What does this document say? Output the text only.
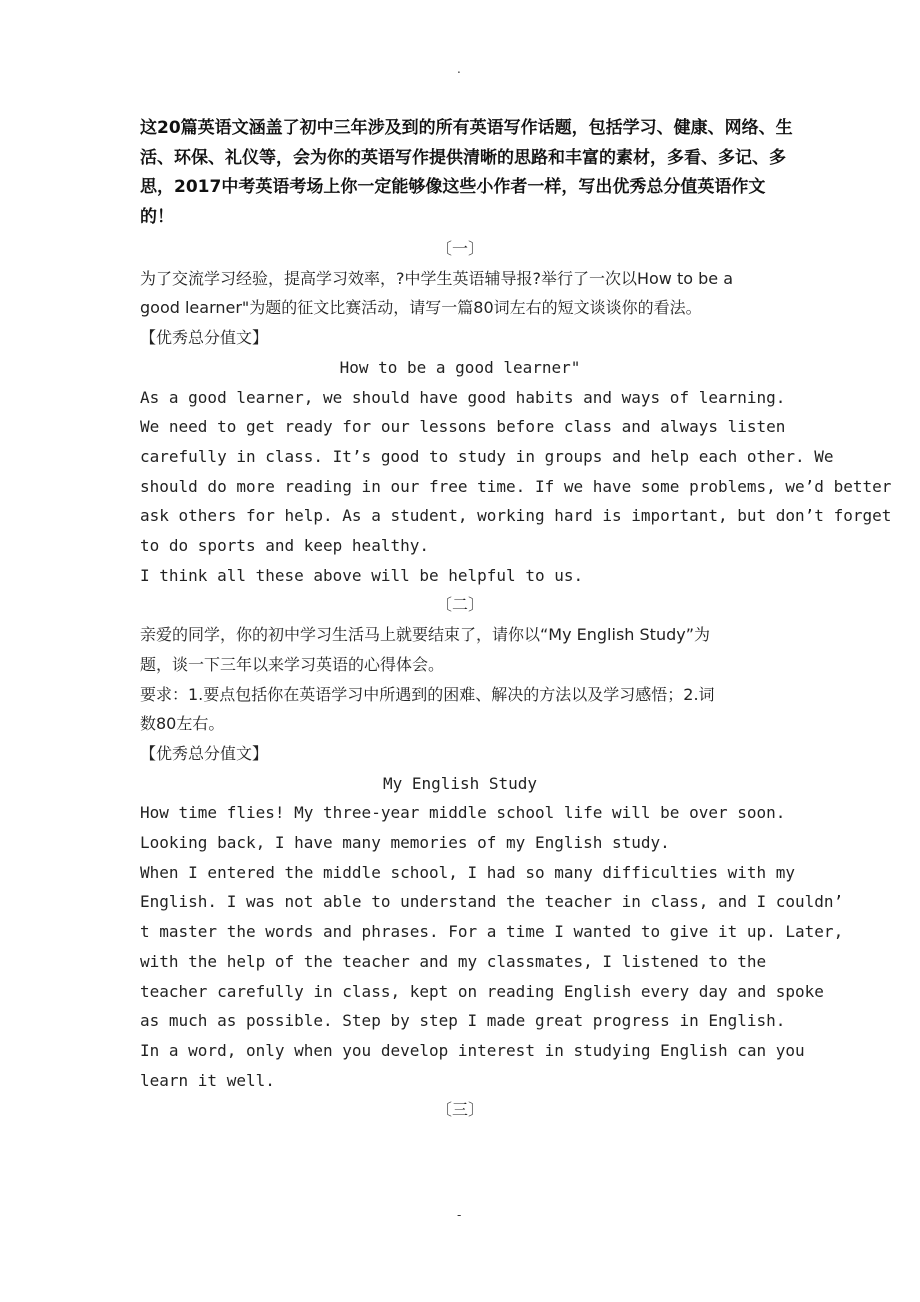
.
这20篇英语文涵盖了初中三年涉及到的所有英语写作话题，包括学习、健康、网络、生活、环保、礼仪等，会为你的英语写作提供清晰的思路和丰富的素材，多看、多记、多思，2017中考英语考场上你一定能够像这些小作者一样，写出优秀总分值英语作文的！
〔一〕
为了交流学习经验，提高学习效率，?中学生英语辅导报?举行了一次以How to be a
good learner"为题的征文比赛活动，请写一篇80词左右的短文谈谈你的看法。
【优秀总分值文】
How to be a good learner"
As a good learner, we should have good habits and ways of learning.
We need to get ready for our lessons before class and always listen
carefully in class. It’s good to study in groups and help each other. We
should do more reading in our free time. If we have some problems, we’d better
ask others for help. As a student, working hard is important, but don’t forget
to do sports and keep healthy.
I think all these above will be helpful to us.
〔二〕
亲爱的同学，你的初中学习生活马上就要结束了，请你以“My English Study”为
题，谈一下三年以来学习英语的心得体会。
要求：1.要点包括你在英语学习中所遇到的困难、解决的方法以及学习感悟；2.词
数80左右。
【优秀总分值文】
My English Study
How time flies! My three-year middle school life will be over soon.
Looking back, I have many memories of my English study.
When I entered the middle school, I had so many difficulties with my
English. I was not able to understand the teacher in class, and I couldn’
t master the words and phrases. For a time I wanted to give it up. Later,
with the help of the teacher and my classmates, I listened to the
teacher carefully in class, kept on reading English every day and spoke
as much as possible. Step by step I made great progress in English.
In a word, only when you develop interest in studying English can you
learn it well.
〔三〕
-
